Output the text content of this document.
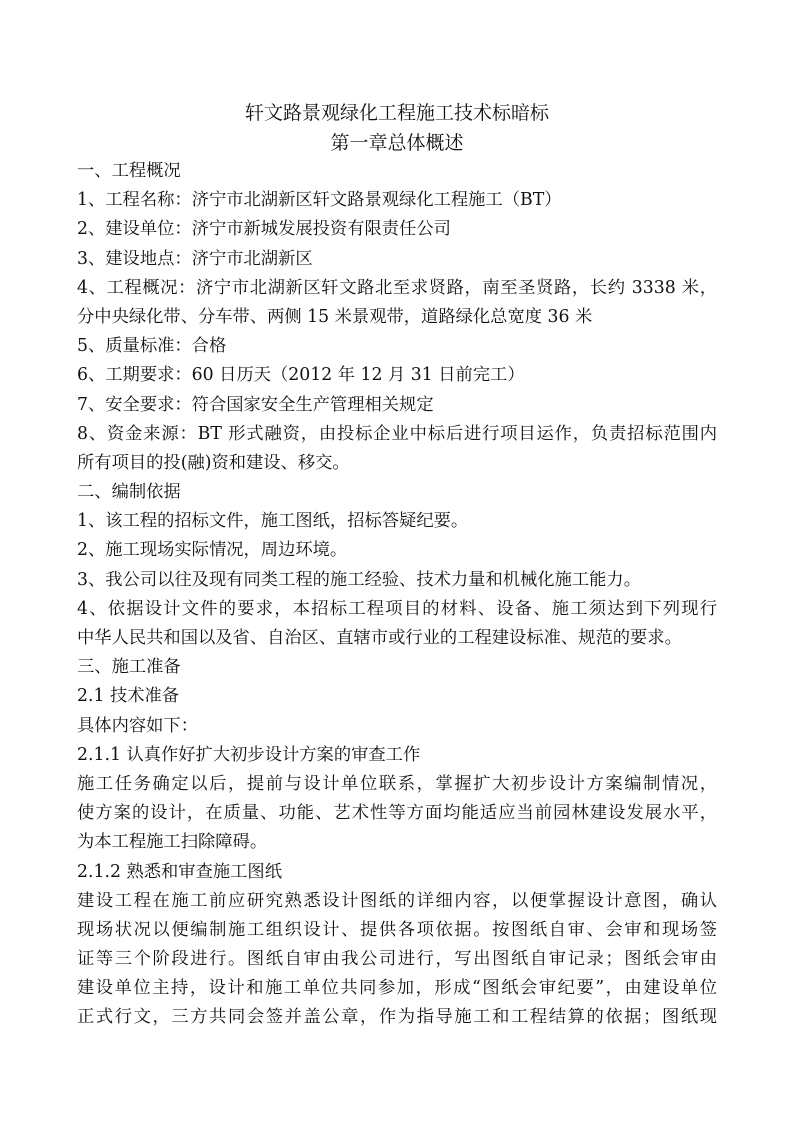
轩文路景观绿化工程施工技术标暗标
第一章总体概述
一、工程概况
1、工程名称：济宁市北湖新区轩文路景观绿化工程施工（BT）
2、建设单位：济宁市新城发展投资有限责任公司
3、建设地点：济宁市北湖新区
4、工程概况：济宁市北湖新区轩文路北至求贤路，南至圣贤路，长约 3338 米，
分中央绿化带、分车带、两侧 15 米景观带，道路绿化总宽度 36 米
5、质量标准：合格
6、工期要求：60 日历天（2012 年 12 月 31 日前完工）
7、安全要求：符合国家安全生产管理相关规定
8、资金来源：BT 形式融资，由投标企业中标后进行项目运作，负责招标范围内
所有项目的投(融)资和建设、移交。
二、编制依据
1、该工程的招标文件，施工图纸，招标答疑纪要。
2、施工现场实际情况，周边环境。
3、我公司以往及现有同类工程的施工经验、技术力量和机械化施工能力。
4、依据设计文件的要求，本招标工程项目的材料、设备、施工须达到下列现行
中华人民共和国以及省、自治区、直辖市或行业的工程建设标准、规范的要求。
三、施工准备
2.1 技术准备
具体内容如下：
2.1.1 认真作好扩大初步设计方案的审查工作
施工任务确定以后，提前与设计单位联系，掌握扩大初步设计方案编制情况，
使方案的设计，在质量、功能、艺术性等方面均能适应当前园林建设发展水平，
为本工程施工扫除障碍。
2.1.2 熟悉和审查施工图纸
建设工程在施工前应研究熟悉设计图纸的详细内容，以便掌握设计意图，确认
现场状况以便编制施工组织设计、提供各项依据。按图纸自审、会审和现场签
证等三个阶段进行。图纸自审由我公司进行，写出图纸自审记录；图纸会审由
建设单位主持，设计和施工单位共同参加，形成“图纸会审纪要”，由建设单位
正式行文，三方共同会签并盖公章，作为指导施工和工程结算的依据；图纸现
